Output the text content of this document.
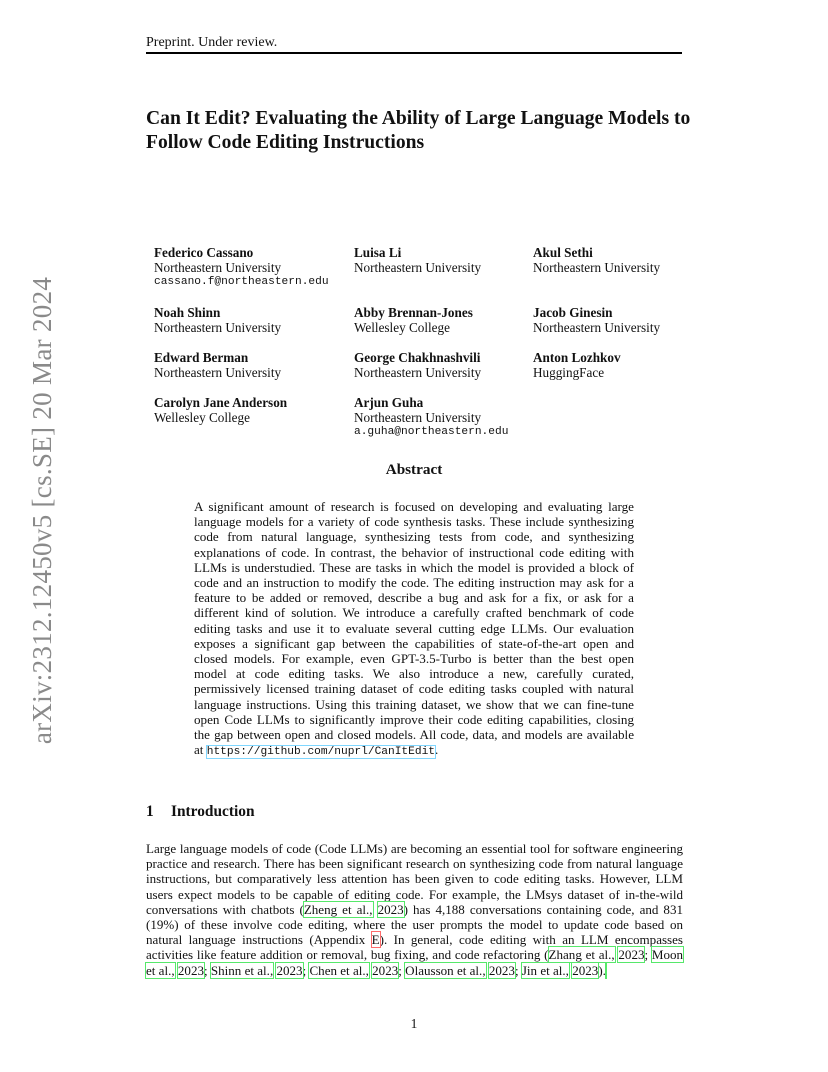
arXiv:2312.12450v5 [cs.SE] 20 Mar 2024
Preprint. Under review.
Can It Edit? Evaluating the Ability of Large Language Models to Follow Code Editing Instructions
Federico Cassano
Northeastern University
cassano.f@northeastern.edu
Luisa Li
Northeastern University
Akul Sethi
Northeastern University
Noah Shinn
Northeastern University
Abby Brennan-Jones
Wellesley College
Jacob Ginesin
Northeastern University
Edward Berman
Northeastern University
George Chakhnashvili
Northeastern University
Anton Lozhkov
HuggingFace
Carolyn Jane Anderson
Wellesley College
Arjun Guha
Northeastern University
a.guha@northeastern.edu
Abstract

A significant amount of research is focused on developing and evaluating large language models for a variety of code synthesis tasks. These include synthesizing code from natural language, synthesizing tests from code, and synthesizing explanations of code. In contrast, the behavior of instructional code editing with LLMs is understudied. These are tasks in which the model is provided a block of code and an instruction to modify the code. The editing instruction may ask for a feature to be added or removed, describe a bug and ask for a fix, or ask for a different kind of solution. We introduce a carefully crafted benchmark of code editing tasks and use it to evaluate several cutting edge LLMs. Our evaluation exposes a significant gap between the capabilities of state-of-the-art open and closed models. For example, even GPT-3.5-Turbo is better than the best open model at code editing tasks. We also introduce a new, carefully curated, permissively licensed training dataset of code editing tasks coupled with natural language instructions. Using this training dataset, we show that we can fine-tune open Code LLMs to significantly improve their code editing capabilities, closing the gap between open and closed models. All code, data, and models are available at https://github.com/nuprl/CanItEdit.

1 Introduction

Large language models of code (Code LLMs) are becoming an essential tool for software engineering practice and research. There has been significant research on synthesizing code from natural language instructions, but comparatively less attention has been given to code editing tasks. However, LLM users expect models to be capable of editing code. For example, the LMsys dataset of in-the-wild conversations with chatbots (Zheng et al., 2023) has 4,188 conversations containing code, and 831 (19%) of these involve code editing, where the user prompts the model to update code based on natural language instructions (Appendix E). In general, code editing with an LLM encompasses activities like feature addition or removal, bug fixing, and code refactoring (Zhang et al., 2023; Moon et al., 2023; Shinn et al., 2023; Chen et al., 2023; Olausson et al., 2023; Jin et al., 2023).

1
